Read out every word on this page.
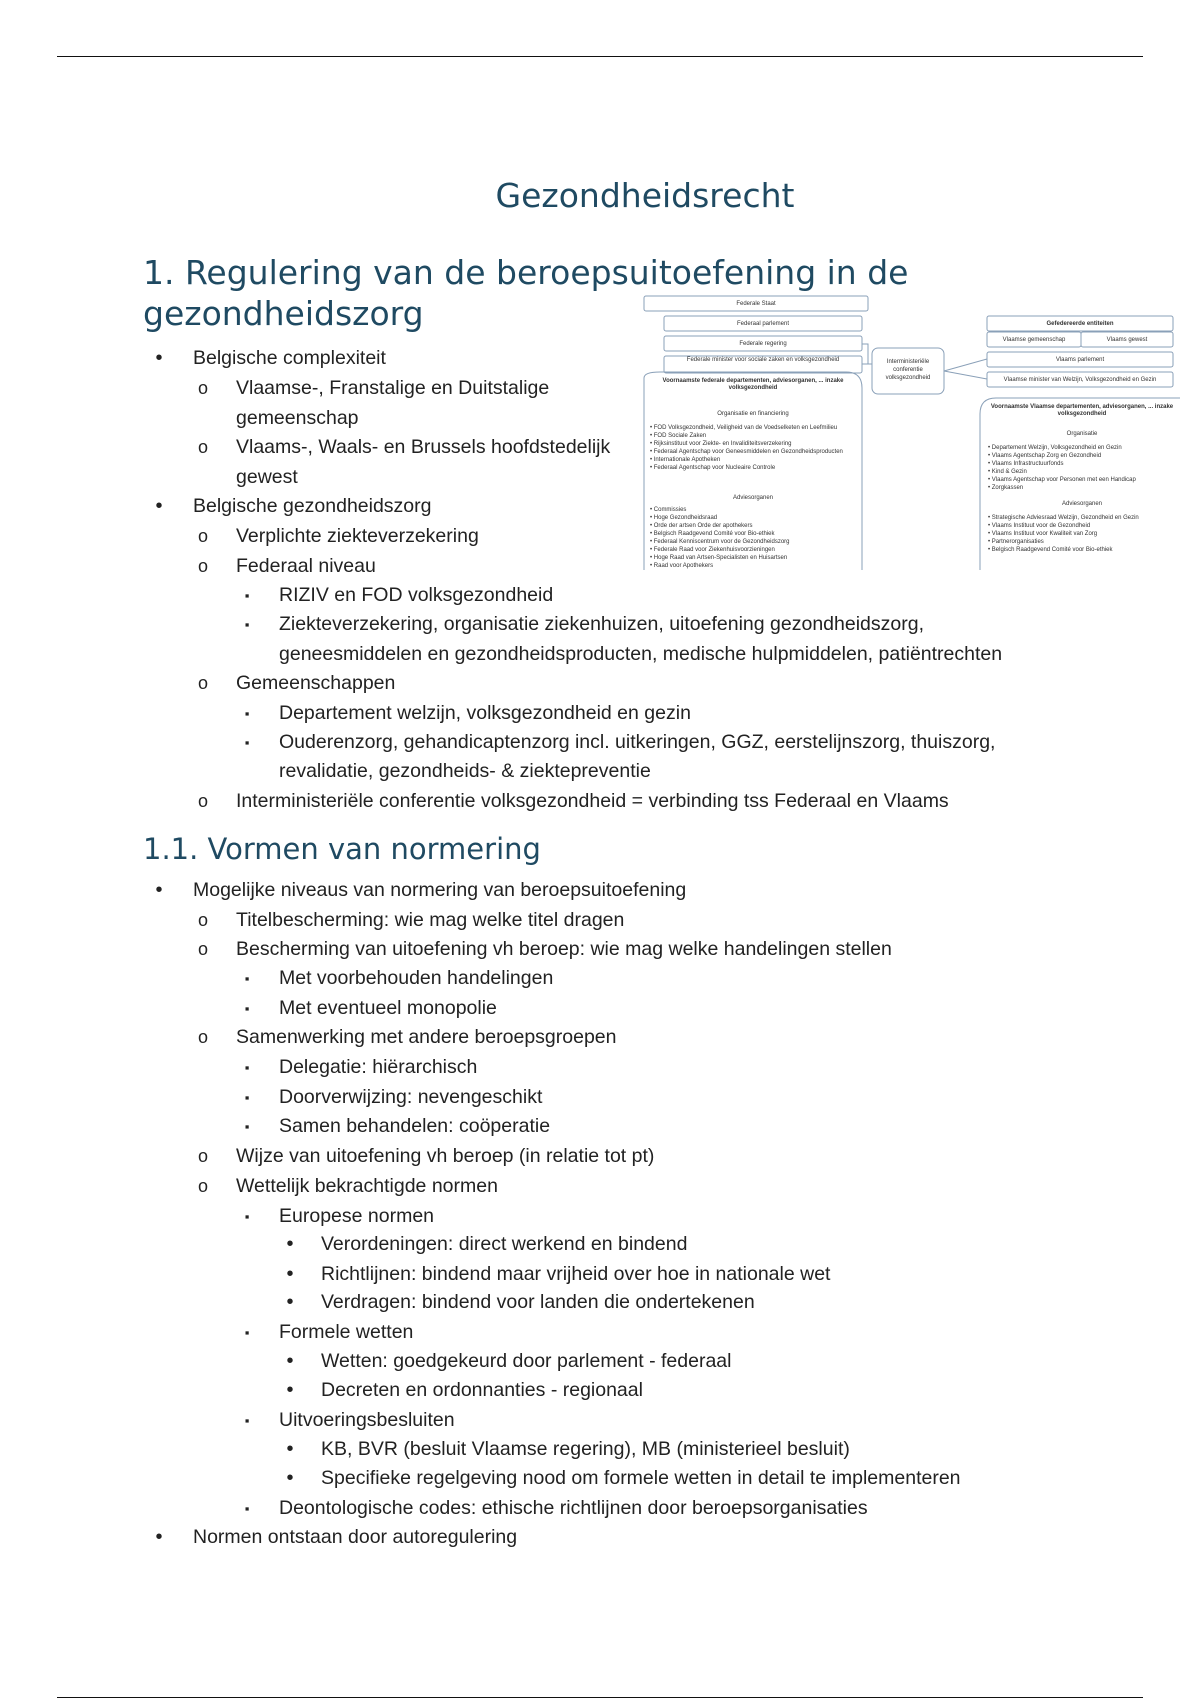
Gezondheidsrecht
1. Regulering van de beroepsuitoefening in de gezondheidszorg	Federale Staat
Federaal parlement
Federale regering
Federale minister voor sociale zaken en volksgezondheid	Interministeriële conferentie volksgezondheid
Gefedereerde entiteiten
Vlaamse gemeenschap	Vlaams gewest
Vlaams parlement
Vlaamse minister van Welzijn, Volksgezondheid en Gezin
Voornaamste federale departementen, adviesorganen, ... inzake volksgezondheid
Organisatie en financiering
• FOD Volksgezondheid, Veiligheid van de Voedselketen en Leefmilieu
• FOD Sociale Zaken
• Rijksinstituut voor Ziekte- en Invaliditeitsverzekering
• Federaal Agentschap voor Geneesmiddelen en Gezondheidsproducten
• Internationale Apotheken
• Federaal Agentschap voor Nucleaire Controle
Adviesorganen
• Commissies
• Hoge Gezondheidsraad
• Orde der artsen Orde der apothekers
• Belgisch Raadgevend Comité voor Bio-ethiek
• Federaal Kenniscentrum voor de Gezondheidszorg
• Federale Raad voor Ziekenhuisvoorzieningen
• Hoge Raad van Artsen-Specialisten en Huisartsen
• Raad voor Apothekers
Voornaamste Vlaamse departementen, adviesorganen, ... inzake volksgezondheid
Organisatie
• Departement Welzijn, Volksgezondheid en Gezin
• Vlaams Agentschap Zorg en Gezondheid
• Vlaams Infrastructuurfonds
• Kind & Gezin
• Vlaams Agentschap voor Personen met een Handicap
• Zorgkassen
Adviesorganen
• Strategische Adviesraad Welzijn, Gezondheid en Gezin
• Vlaams Instituut voor de Gezondheid
• Vlaams Instituut voor Kwaliteit van Zorg
• Partnerorganisaties
• Belgisch Raadgevend Comité voor Bio-ethiek
• Belgische complexiteit
o Vlaamse-, Franstalige en Duitstalige
gemeenschap
o Vlaams-, Waals- en Brussels hoofdstedelijk
gewest
• Belgische gezondheidszorg
o Verplichte ziekteverzekering
o Federaal niveau
▪ RIZIV en FOD volksgezondheid
▪ Ziekteverzekering, organisatie ziekenhuizen, uitoefening gezondheidszorg,
geneesmiddelen en gezondheidsproducten, medische hulpmiddelen, patiëntrechten
o Gemeenschappen
▪ Departement welzijn, volksgezondheid en gezin
▪ Ouderenzorg, gehandicaptenzorg incl. uitkeringen, GGZ, eerstelijnszorg, thuiszorg,
revalidatie, gezondheids- & ziektepreventie
o Interministeriële conferentie volksgezondheid = verbinding tss Federaal en Vlaams
1.1. Vormen van normering
• Mogelijke niveaus van normering van beroepsuitoefening
o Titelbescherming: wie mag welke titel dragen
o Bescherming van uitoefening vh beroep: wie mag welke handelingen stellen
▪ Met voorbehouden handelingen
▪ Met eventueel monopolie
o Samenwerking met andere beroepsgroepen
▪ Delegatie: hiërarchisch
▪ Doorverwijzing: nevengeschikt
▪ Samen behandelen: coöperatie
o Wijze van uitoefening vh beroep (in relatie tot pt)
o Wettelijk bekrachtigde normen
▪ Europese normen
• Verordeningen: direct werkend en bindend
• Richtlijnen: bindend maar vrijheid over hoe in nationale wet
• Verdragen: bindend voor landen die ondertekenen
▪ Formele wetten
• Wetten: goedgekeurd door parlement - federaal
• Decreten en ordonnanties - regionaal
▪ Uitvoeringsbesluiten
• KB, BVR (besluit Vlaamse regering), MB (ministerieel besluit)
• Specifieke regelgeving nood om formele wetten in detail te implementeren
▪ Deontologische codes: ethische richtlijnen door beroepsorganisaties
• Normen ontstaan door autoregulering
